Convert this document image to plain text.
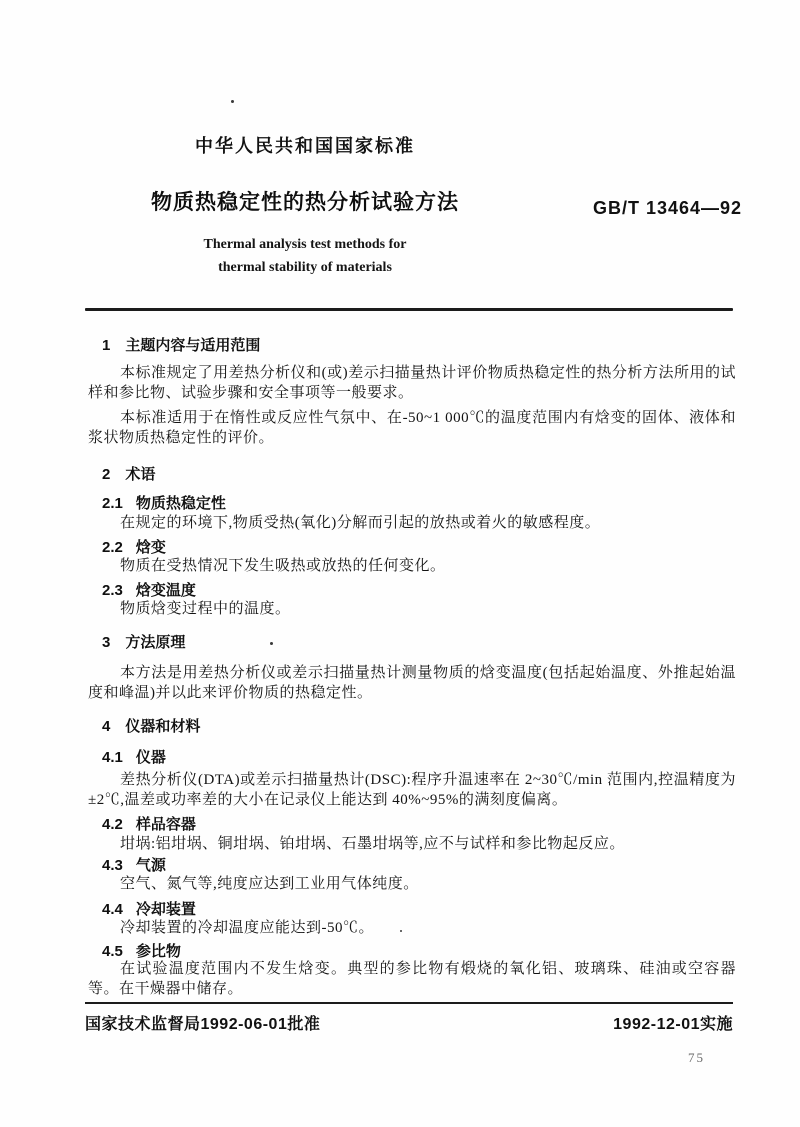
中华人民共和国国家标准
物质热稳定性的热分析试验方法	GB/T 13464—92
Thermal analysis test methods for
thermal stability of materials
1 主题内容与适用范围

本标准规定了用差热分析仪和(或)差示扫描量热计评价物质热稳定性的热分析方法所用的试样和参比物、试验步骤和安全事项等一般要求。

本标准适用于在惰性或反应性气氛中、在-50~1 000℃的温度范围内有焓变的固体、液体和浆状物质热稳定性的评价。

2 术语
2.1 物质热稳定性

在规定的环境下,物质受热(氧化)分解而引起的放热或着火的敏感程度。

2.2 焓变

物质在受热情况下发生吸热或放热的任何变化。

2.3 焓变温度

物质焓变过程中的温度。

3 方法原理

本方法是用差热分析仪或差示扫描量热计测量物质的焓变温度(包括起始温度、外推起始温度和峰温)并以此来评价物质的热稳定性。

4 仪器和材料
4.1 仪器

差热分析仪(DTA)或差示扫描量热计(DSC):程序升温速率在 2~30℃/min 范围内,控温精度为±2℃,温差或功率差的大小在记录仪上能达到 40%~95%的满刻度偏离。

4.2 样品容器

坩埚:铝坩埚、铜坩埚、铂坩埚、石墨坩埚等,应不与试样和参比物起反应。

4.3 气源

空气、氮气等,纯度应达到工业用气体纯度。

4.4 冷却装置

冷却装置的冷却温度应能达到-50℃。

4.5 参比物

在试验温度范围内不发生焓变。典型的参比物有煅烧的氧化铝、玻璃珠、硅油或空容器等。在干燥器中储存。

国家技术监督局1992-06-01批准	1992-12-01实施
75
